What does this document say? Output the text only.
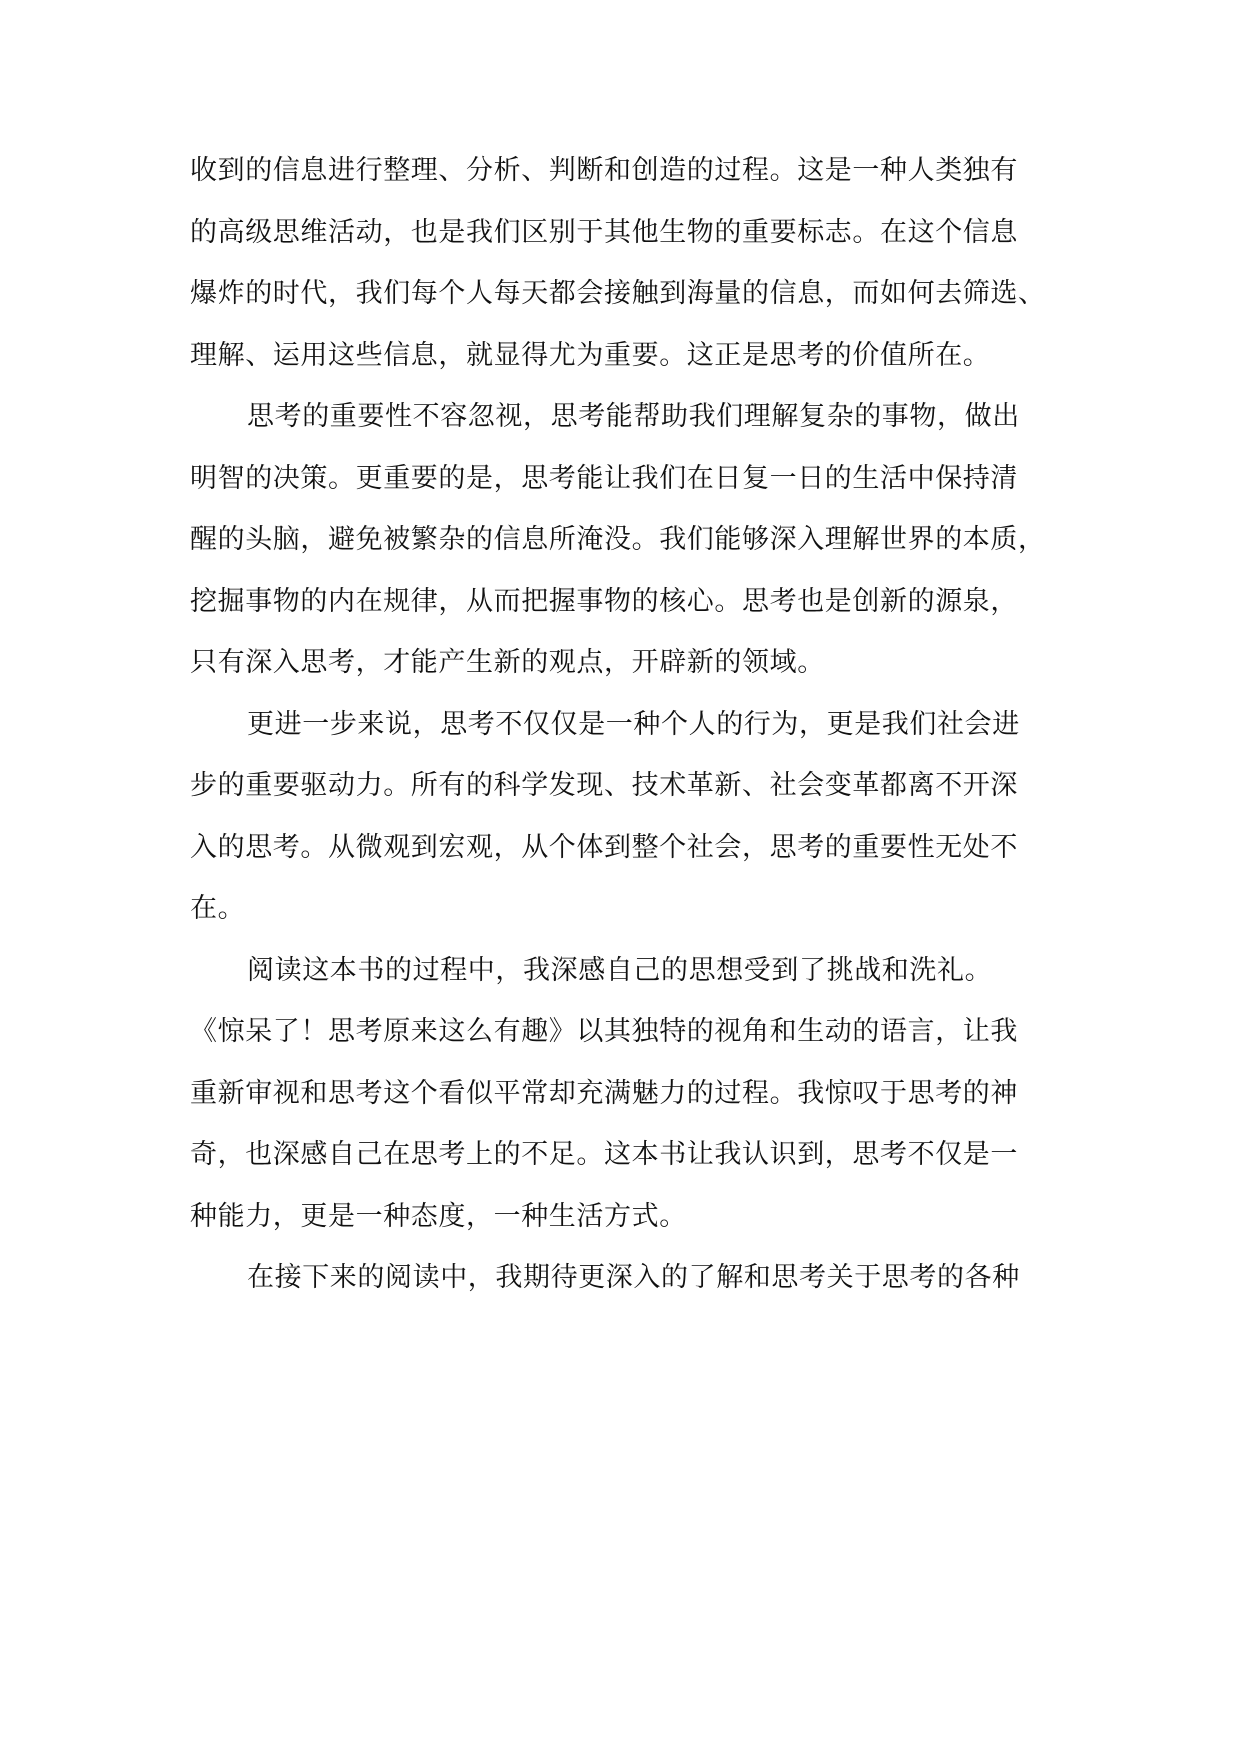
收到的信息进行整理、分析、判断和创造的过程。这是一种人类独有
的高级思维活动，也是我们区别于其他生物的重要标志。在这个信息
爆炸的时代，我们每个人每天都会接触到海量的信息，而如何去筛选、
理解、运用这些信息，就显得尤为重要。这正是思考的价值所在。
思考的重要性不容忽视，思考能帮助我们理解复杂的事物，做出
明智的决策。更重要的是，思考能让我们在日复一日的生活中保持清
醒的头脑，避免被繁杂的信息所淹没。我们能够深入理解世界的本质，
挖掘事物的内在规律，从而把握事物的核心。思考也是创新的源泉，
只有深入思考，才能产生新的观点，开辟新的领域。
更进一步来说，思考不仅仅是一种个人的行为，更是我们社会进
步的重要驱动力。所有的科学发现、技术革新、社会变革都离不开深
入的思考。从微观到宏观，从个体到整个社会，思考的重要性无处不
在。
阅读这本书的过程中，我深感自己的思想受到了挑战和洗礼。
《惊呆了！思考原来这么有趣》以其独特的视角和生动的语言，让我
重新审视和思考这个看似平常却充满魅力的过程。我惊叹于思考的神
奇，也深感自己在思考上的不足。这本书让我认识到，思考不仅是一
种能力，更是一种态度，一种生活方式。
在接下来的阅读中，我期待更深入的了解和思考关于思考的各种
